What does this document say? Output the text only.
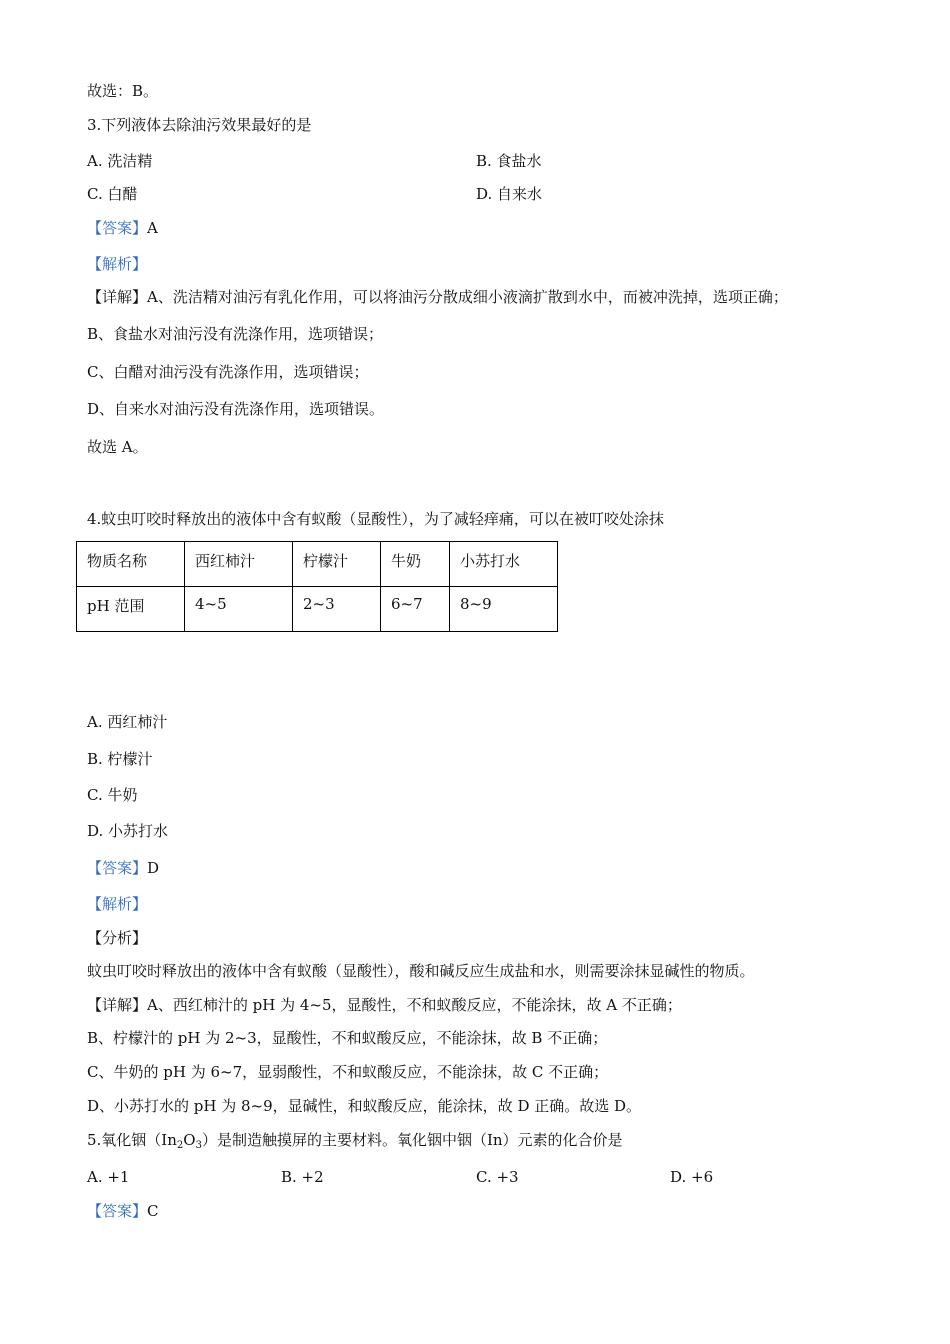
故选：B。
3.下列液体去除油污效果最好的是
A. 洗洁精	B. 食盐水
C. 白醋	D. 自来水
【答案】A
【解析】
【详解】A、洗洁精对油污有乳化作用，可以将油污分散成细小液滴扩散到水中，而被冲洗掉，选项正确；
B、食盐水对油污没有洗涤作用，选项错误；
C、白醋对油污没有洗涤作用，选项错误；
D、自来水对油污没有洗涤作用，选项错误。
故选 A。
4.蚊虫叮咬时释放出的液体中含有蚁酸（显酸性），为了减轻痒痛，可以在被叮咬处涂抹
物质名称	西红柿汁	柠檬汁	牛奶	小苏打水
pH 范围	4~5	2~3	6~7	8~9
A. 西红柿汁
B. 柠檬汁
C. 牛奶
D. 小苏打水
【答案】D
【解析】
【分析】
蚊虫叮咬时释放出的液体中含有蚁酸（显酸性），酸和碱反应生成盐和水，则需要涂抹显碱性的物质。
【详解】A、西红柿汁的 pH 为 4~5，显酸性，不和蚁酸反应，不能涂抹，故 A 不正确；
B、柠檬汁的 pH 为 2~3，显酸性，不和蚁酸反应，不能涂抹，故 B 不正确；
C、牛奶的 pH 为 6~7，显弱酸性，不和蚁酸反应，不能涂抹，故 C 不正确；
D、小苏打水的 pH 为 8~9，显碱性，和蚁酸反应，能涂抹，故 D 正确。故选 D。
5.氧化铟$(In_2O_3)$是制造触摸屏的主要材料。氧化铟中铟（In）元素的化合价是
A. +1	B. +2	C. +3	D. +6
【答案】C
